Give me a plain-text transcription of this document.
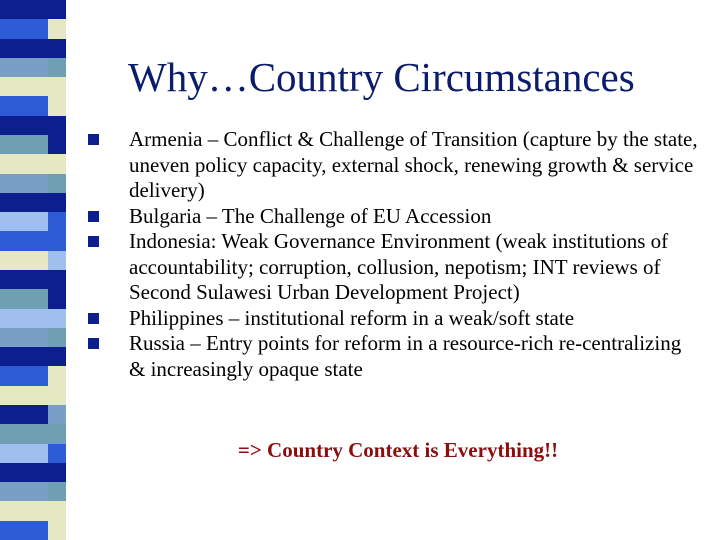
Why…Country Circumstances
Armenia – Conflict & Challenge of Transition (capture by the state, uneven policy capacity, external shock, renewing growth & service delivery)
Bulgaria – The Challenge of EU Accession
Indonesia: Weak Governance Environment (weak institutions of accountability; corruption, collusion, nepotism; INT reviews of Second Sulawesi Urban Development Project)
Philippines – institutional reform in a weak/soft state
Russia – Entry points for reform in a resource-rich re-centralizing & increasingly opaque state
=> Country Context is Everything!!
